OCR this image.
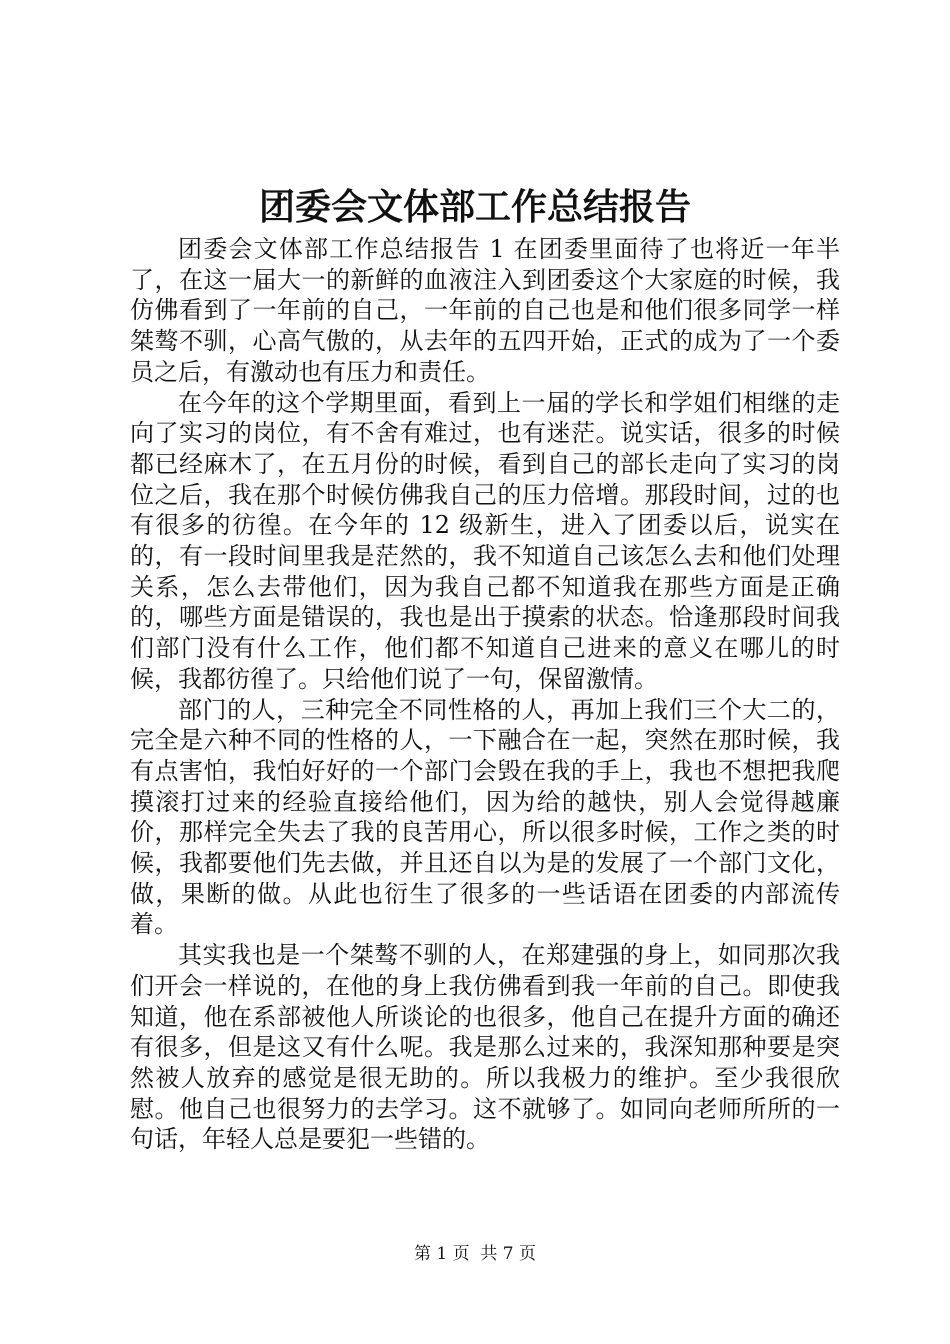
团委会文体部工作总结报告

团委会文体部工作总结报告 1 在团委里面待了也将近一年半了，在这一届大一的新鲜的血液注入到团委这个大家庭的时候，我仿佛看到了一年前的自己，一年前的自己也是和他们很多同学一样桀骜不驯，心高气傲的，从去年的五四开始，正式的成为了一个委员之后，有激动也有压力和责任。

在今年的这个学期里面，看到上一届的学长和学姐们相继的走向了实习的岗位，有不舍有难过，也有迷茫。说实话，很多的时候都已经麻木了，在五月份的时候，看到自己的部长走向了实习的岗位之后，我在那个时候仿佛我自己的压力倍增。那段时间，过的也有很多的彷徨。在今年的 12 级新生，进入了团委以后，说实在的，有一段时间里我是茫然的，我不知道自己该怎么去和他们处理关系，怎么去带他们，因为我自己都不知道我在那些方面是正确的，哪些方面是错误的，我也是出于摸索的状态。恰逢那段时间我们部门没有什么工作，他们都不知道自己进来的意义在哪儿的时候，我都彷徨了。只给他们说了一句，保留激情。

部门的人，三种完全不同性格的人，再加上我们三个大二的，完全是六种不同的性格的人，一下融合在一起，突然在那时候，我有点害怕，我怕好好的一个部门会毁在我的手上，我也不想把我爬摸滚打过来的经验直接给他们，因为给的越快，别人会觉得越廉价，那样完全失去了我的良苦用心，所以很多时候，工作之类的时候，我都要他们先去做，并且还自以为是的发展了一个部门文化，做，果断的做。从此也衍生了很多的一些话语在团委的内部流传着。

其实我也是一个桀骜不驯的人，在郑建强的身上，如同那次我们开会一样说的，在他的身上我仿佛看到我一年前的自己。即使我知道，他在系部被他人所谈论的也很多，他自己在提升方面的确还有很多，但是这又有什么呢。我是那么过来的，我深知那种要是突然被人放弃的感觉是很无助的。所以我极力的维护。至少我很欣慰。他自己也很努力的去学习。这不就够了。如同向老师所所的一句话，年轻人总是要犯一些错的。

第 1 页  共 7 页
